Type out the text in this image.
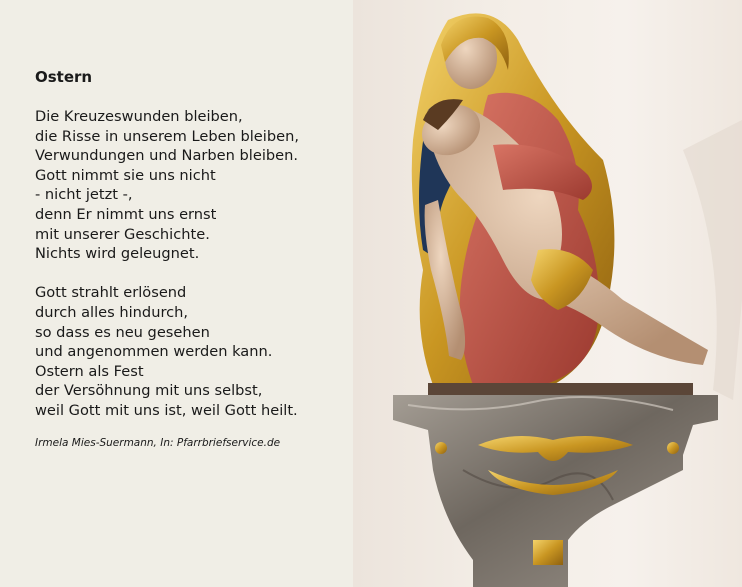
Ostern
Die Kreuzeswunden bleiben,
die Risse in unserem Leben bleiben,
Verwundungen und Narben bleiben.
Gott nimmt sie uns nicht
- nicht jetzt -,
denn Er nimmt uns ernst
mit unserer Geschichte.
Nichts wird geleugnet.
Gott strahlt erlösend
durch alles hindurch,
so dass es neu gesehen
und angenommen werden kann.
Ostern als Fest
der Versöhnung mit uns selbst,
weil Gott mit uns ist, weil Gott heilt.
Irmela Mies-Suermann, In: Pfarrbriefservice.de
